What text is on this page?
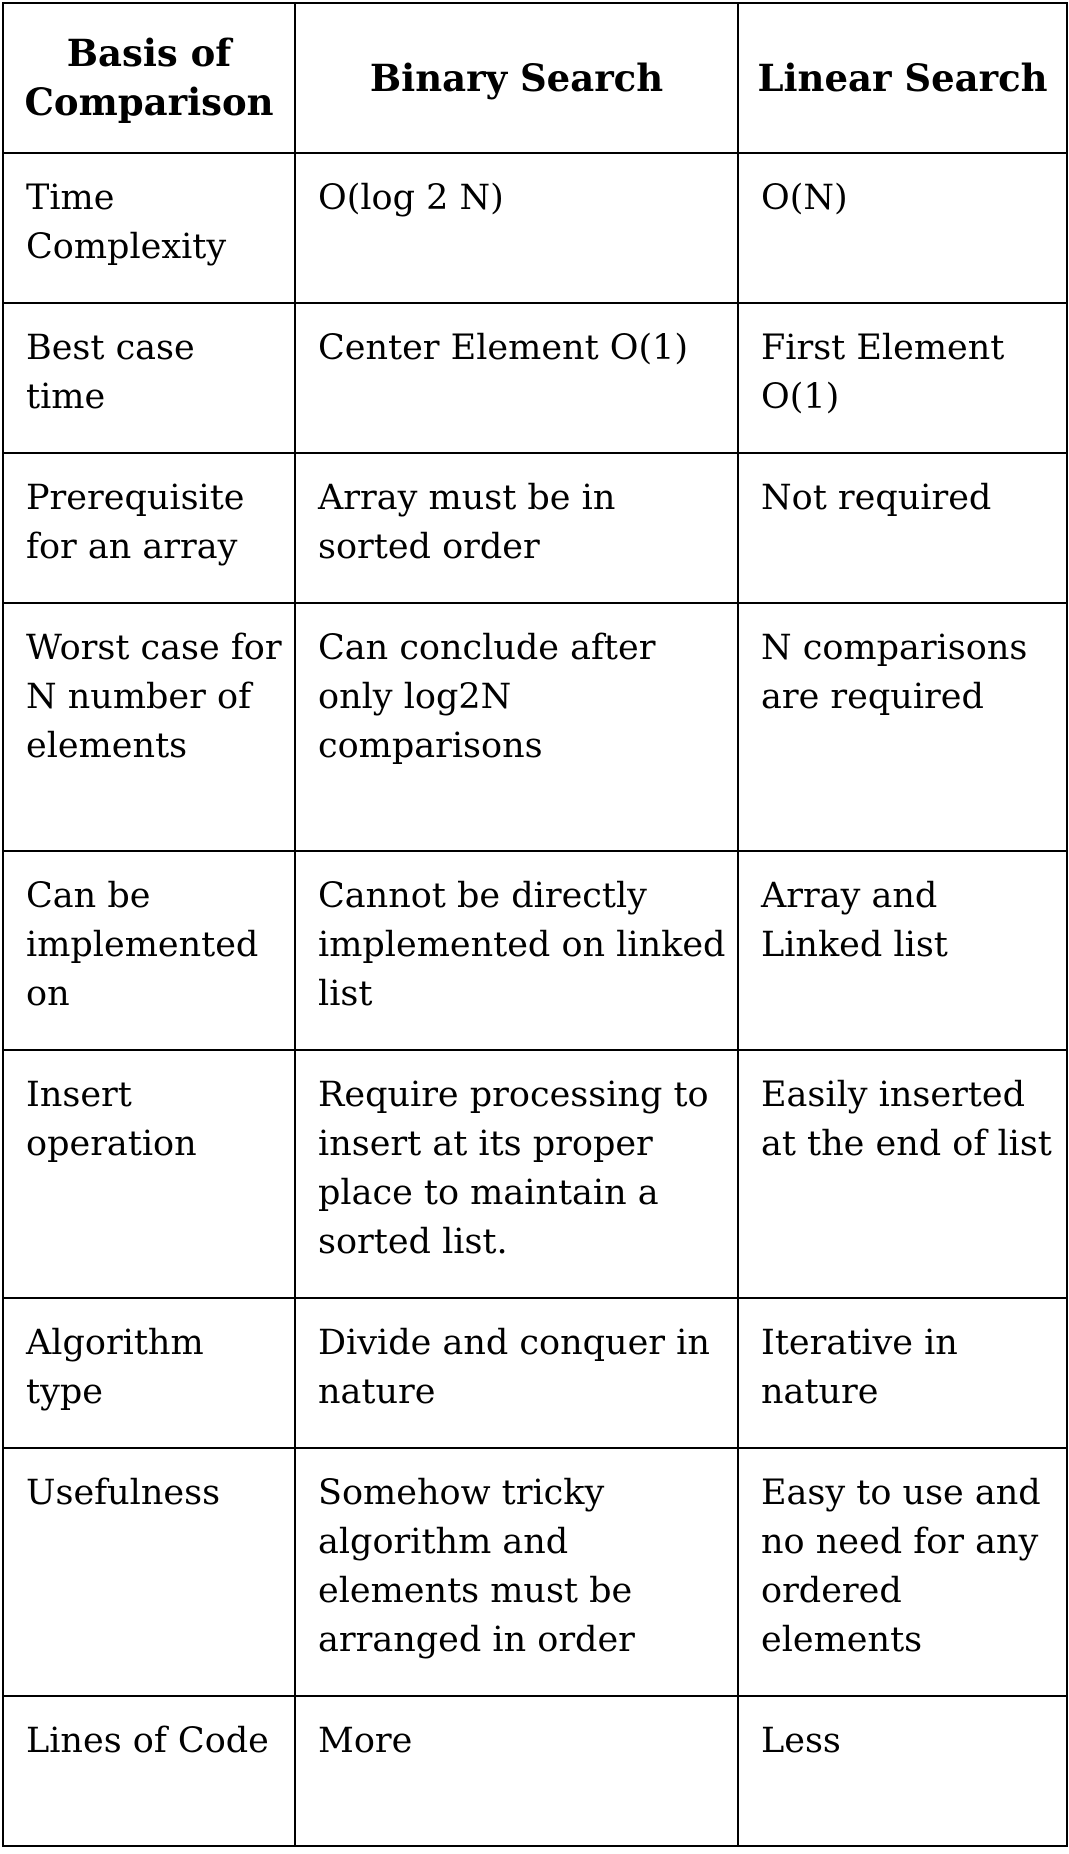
Basis of Comparison	Binary Search	Linear Search
Time Complexity	O(log 2 N)	O(N)
Best case time	Center Element O(1)	First Element O(1)
Prerequisite for an array	Array must be in sorted order	Not required
Worst case for N number of elements	Can conclude after only log2N comparisons	N comparisons are required
Can be implemented on	Cannot be directly implemented on linked list	Array and Linked list
Insert operation	Require processing to insert at its proper place to maintain a sorted list.	Easily inserted at the end of list
Algorithm type	Divide and conquer in nature	Iterative in nature
Usefulness	Somehow tricky algorithm and elements must be arranged in order	Easy to use and no need for any ordered elements
Lines of Code	More	Less
